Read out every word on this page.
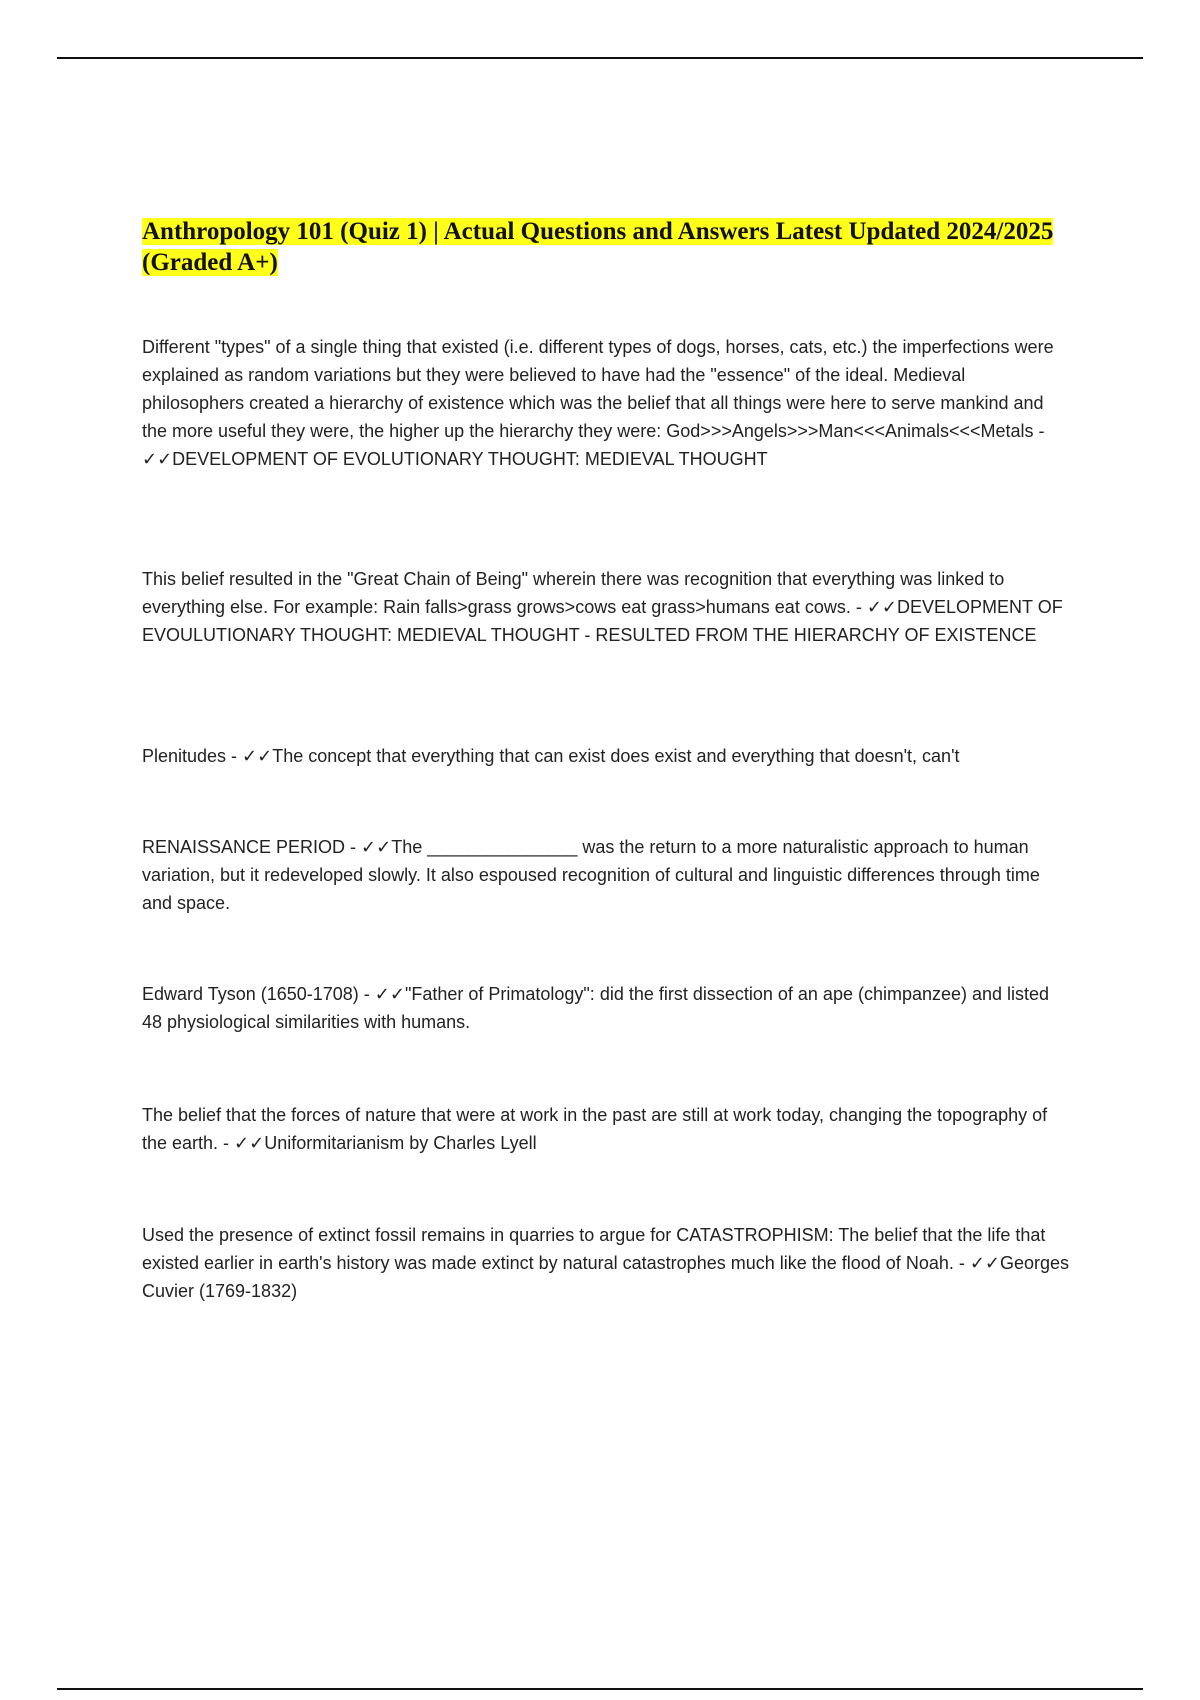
Anthropology 101 (Quiz 1) | Actual Questions and Answers Latest Updated 2024/2025 (Graded A+)

Different "types" of a single thing that existed (i.e. different types of dogs, horses, cats, etc.) the imperfections were explained as random variations but they were believed to have had the "essence" of the ideal. Medieval philosophers created a hierarchy of existence which was the belief that all things were here to serve mankind and the more useful they were, the higher up the hierarchy they were: God>>>Angels>>>Man<<<Animals<<<Metals - ✓✓DEVELOPMENT OF EVOLUTIONARY THOUGHT: MEDIEVAL THOUGHT

This belief resulted in the "Great Chain of Being" wherein there was recognition that everything was linked to everything else. For example: Rain falls>grass grows>cows eat grass>humans eat cows. - ✓✓DEVELOPMENT OF EVOULUTIONARY THOUGHT: MEDIEVAL THOUGHT - RESULTED FROM THE HIERARCHY OF EXISTENCE

Plenitudes - ✓✓The concept that everything that can exist does exist and everything that doesn't, can't

RENAISSANCE PERIOD - ✓✓The _______________ was the return to a more naturalistic approach to human variation, but it redeveloped slowly. It also espoused recognition of cultural and linguistic differences through time and space.

Edward Tyson (1650-1708) - ✓✓"Father of Primatology": did the first dissection of an ape (chimpanzee) and listed 48 physiological similarities with humans.

The belief that the forces of nature that were at work in the past are still at work today, changing the topography of the earth. - ✓✓Uniformitarianism by Charles Lyell

Used the presence of extinct fossil remains in quarries to argue for CATASTROPHISM: The belief that the life that existed earlier in earth's history was made extinct by natural catastrophes much like the flood of Noah. - ✓✓Georges Cuvier (1769-1832)
